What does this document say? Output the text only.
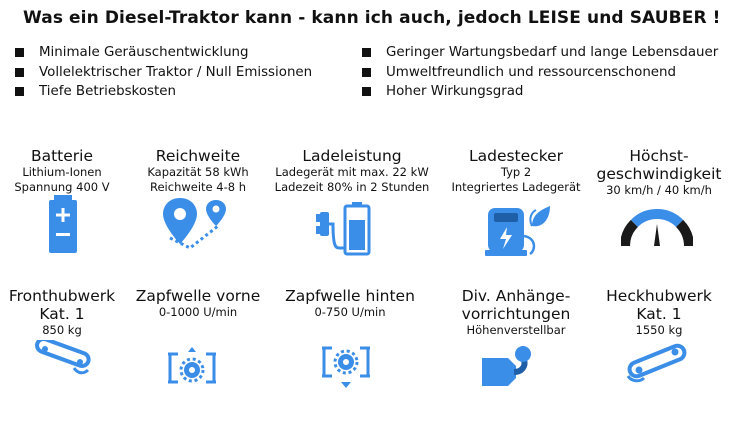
Was ein Diesel-Traktor kann - kann ich auch, jedoch LEISE und SAUBER !
Minimale Geräuschentwicklung
Vollelektrischer Traktor / Null Emissionen
Tiefe Betriebskosten
Geringer Wartungsbedarf und lange Lebensdauer
Umweltfreundlich und ressourcenschonend
Hoher Wirkungsgrad
Batterie
Lithium-Ionen
Spannung 400 V
Reichweite
Kapazität 58 kWh
Reichweite 4-8 h
Ladeleistung
Ladegerät mit max. 22 kW
Ladezeit 80% in 2 Stunden
Ladestecker
Typ 2
Integriertes Ladegerät
Höchst-
geschwindigkeit
30 km/h / 40 km/h
Fronthubwerk
Kat. 1
850 kg
Zapfwelle vorne
0-1000 U/min
Zapfwelle hinten
0-750 U/min
Div. Anhänge-
vorrichtungen
Höhenverstellbar
Heckhubwerk
Kat. 1
1550 kg
